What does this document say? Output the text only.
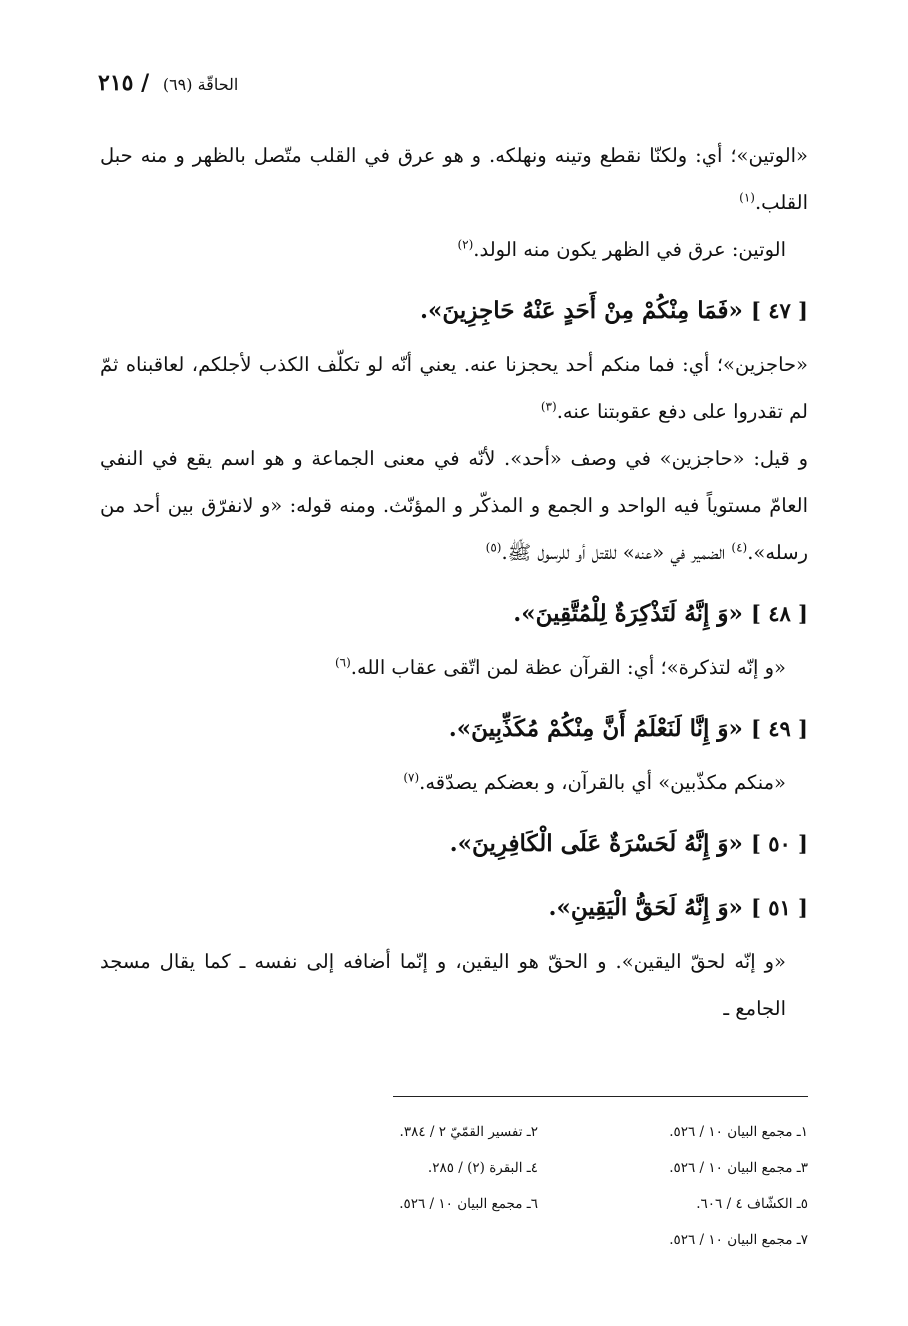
الحاقّة (٦٩) / ٢١٥

«الوتين»؛ أي: ولكنّا نقطع وتينه ونهلكه. و هو عرق في القلب متّصل بالظهر و منه حبل القلب.$^{(١)}$

الوتين: عرق في الظهر يكون منه الولد.$^{(٢)}$

[ ٤٧ ] «فَمَا مِنْكُمْ مِنْ أَحَدٍ عَنْهُ حَاجِزِينَ».

«حاجزين»؛ أي: فما منكم أحد يحجزنا عنه. يعني أنّه لو تكلّف الكذب لأجلكم، لعاقبناه ثمّ لم تقدروا على دفع عقوبتنا عنه.$^{(٣)}$

و قيل: «حاجزين» في وصف «أحد». لأنّه في معنى الجماعة و هو اسم يقع في النفي العامّ مستوياً فيه الواحد و الجمع و المذكّر و المؤنّث. ومنه قوله: «و لانفرّق بين أحد من رسله».$^{(٤)}$ الضمير في «عنه» للقتل أو للرسول ﷺ.$^{(٥)}$

[ ٤٨ ] «وَ إِنَّهُ لَتَذْكِرَةٌ لِلْمُتَّقِينَ».

«و إنّه لتذكرة»؛ أي: القرآن عظة لمن اتّقى عقاب الله.$^{(٦)}$

[ ٤٩ ] «وَ إِنَّا لَنَعْلَمُ أَنَّ مِنْكُمْ مُكَذِّبِينَ».

«منكم مكذّبين» أي بالقرآن، و بعضكم يصدّقه.$^{(٧)}$

[ ٥٠ ] «وَ إِنَّهُ لَحَسْرَةٌ عَلَى الْكَافِرِينَ».

[ ٥١ ] «وَ إِنَّهُ لَحَقُّ الْيَقِينِ».

«و إنّه لحقّ اليقين». و الحقّ هو اليقين، و إنّما أضافه إلى نفسه ـ كما يقال مسجد الجامع ـ

١ـ مجمع البيان ١٠ / ٥٢٦.
٢ـ تفسير القمّيّ ٢ / ٣٨٤.
٣ـ مجمع البيان ١٠ / ٥٢٦.
٤ـ البقرة (٢) / ٢٨٥.
٥ـ الكشّاف ٤ / ٦٠٦.
٦ـ مجمع البيان ١٠ / ٥٢٦.
٧ـ مجمع البيان ١٠ / ٥٢٦.
